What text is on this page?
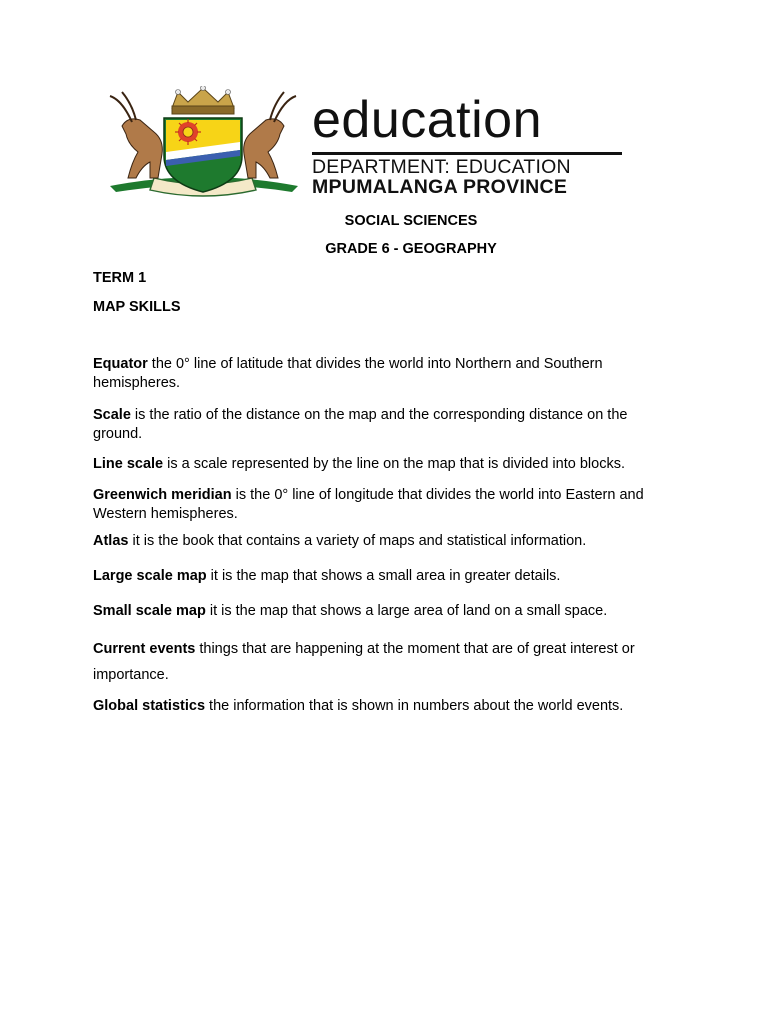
education
DEPARTMENT: EDUCATION
MPUMALANGA PROVINCE
SOCIAL SCIENCES
GRADE 6 - GEOGRAPHY
TERM 1
MAP SKILLS
Equator the 0° line of latitude that divides the world into Northern and Southern hemispheres.
Scale is the ratio of the distance on the map and the corresponding distance on the ground.
Line scale is a scale represented by the line on the map that is divided into blocks.
Greenwich meridian is the 0° line of longitude that divides the world into Eastern and Western hemispheres.
Atlas it is the book that contains a variety of maps and statistical information.
Large scale map it is the map that shows a small area in greater details.
Small scale map it is the map that shows a large area of land on a small space.
Current events things that are happening at the moment that are of great interest or importance.
Global statistics the information that is shown in numbers about the world events.
